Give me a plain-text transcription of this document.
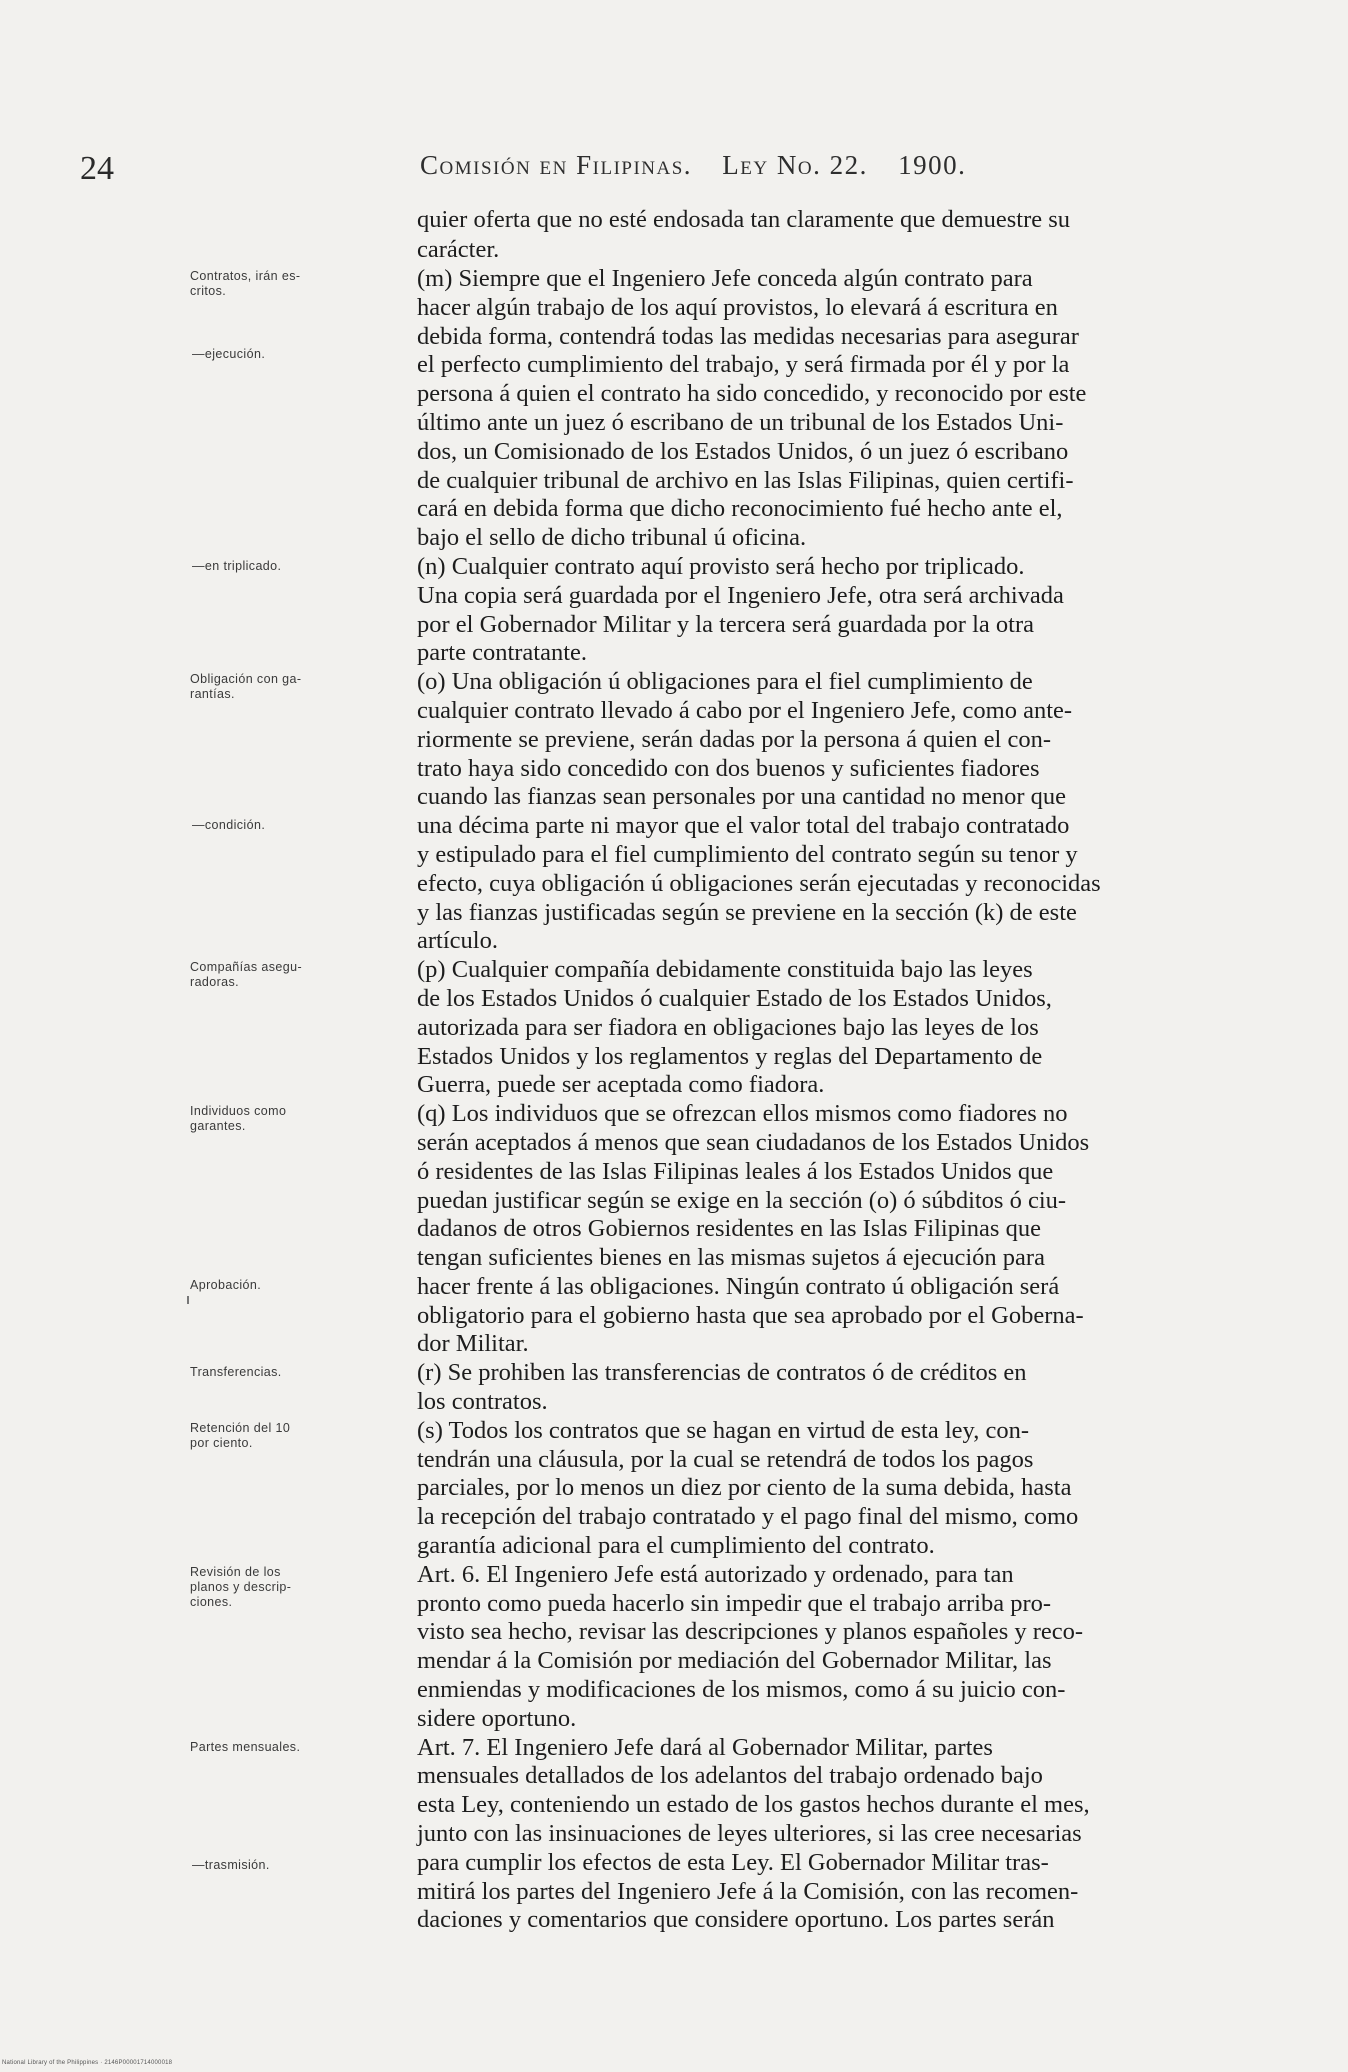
24	Comisión en Filipinas. Ley No. 22. 1900.
quier oferta que no esté endosada tan claramente que demuestre su
carácter.
Contratos, irán es-
critos.
—ejecución.
(m) Siempre que el Ingeniero Jefe conceda algún contrato para
hacer algún trabajo de los aquí provistos, lo elevará á escritura en
debida forma, contendrá todas las medidas necesarias para asegurar
el perfecto cumplimiento del trabajo, y será firmada por él y por la
persona á quien el contrato ha sido concedido, y reconocido por este
último ante un juez ó escribano de un tribunal de los Estados Uni-
dos, un Comisionado de los Estados Unidos, ó un juez ó escribano
de cualquier tribunal de archivo en las Islas Filipinas, quien certifi-
cará en debida forma que dicho reconocimiento fué hecho ante el,
bajo el sello de dicho tribunal ú oficina.
—en triplicado.	(n) Cualquier contrato aquí provisto será hecho por triplicado.
Una copia será guardada por el Ingeniero Jefe, otra será archivada
por el Gobernador Militar y la tercera será guardada por la otra
parte contratante.
Obligación con ga-
rantías.
—condición.
(o) Una obligación ú obligaciones para el fiel cumplimiento de
cualquier contrato llevado á cabo por el Ingeniero Jefe, como ante-
riormente se previene, serán dadas por la persona á quien el con-
trato haya sido concedido con dos buenos y suficientes fiadores
cuando las fianzas sean personales por una cantidad no menor que
una décima parte ni mayor que el valor total del trabajo contratado
y estipulado para el fiel cumplimiento del contrato según su tenor y
efecto, cuya obligación ú obligaciones serán ejecutadas y reconocidas
y las fianzas justificadas según se previene en la sección (k) de este
artículo.
Compañías asegu-
radoras.	(p) Cualquier compañía debidamente constituida bajo las leyes
de los Estados Unidos ó cualquier Estado de los Estados Unidos,
autorizada para ser fiadora en obligaciones bajo las leyes de los
Estados Unidos y los reglamentos y reglas del Departamento de
Guerra, puede ser aceptada como fiadora.
Individuos como
garantes.
Aprobación.
(q) Los individuos que se ofrezcan ellos mismos como fiadores no
serán aceptados á menos que sean ciudadanos de los Estados Unidos
ó residentes de las Islas Filipinas leales á los Estados Unidos que
puedan justificar según se exige en la sección (o) ó súbditos ó ciu-
dadanos de otros Gobiernos residentes en las Islas Filipinas que
tengan suficientes bienes en las mismas sujetos á ejecución para
hacer frente á las obligaciones. Ningún contrato ú obligación será
obligatorio para el gobierno hasta que sea aprobado por el Goberna-
dor Militar.
Transferencias.	(r) Se prohiben las transferencias de contratos ó de créditos en
los contratos.
Retención del 10
por ciento.	(s) Todos los contratos que se hagan en virtud de esta ley, con-
tendrán una cláusula, por la cual se retendrá de todos los pagos
parciales, por lo menos un diez por ciento de la suma debida, hasta
la recepción del trabajo contratado y el pago final del mismo, como
garantía adicional para el cumplimiento del contrato.
Revisión de los
planos y descrip-
ciones.
Art. 6. El Ingeniero Jefe está autorizado y ordenado, para tan
pronto como pueda hacerlo sin impedir que el trabajo arriba pro-
visto sea hecho, revisar las descripciones y planos españoles y reco-
mendar á la Comisión por mediación del Gobernador Militar, las
enmiendas y modificaciones de los mismos, como á su juicio con-
sidere oportuno.
Partes mensuales.
—trasmisión.
Art. 7. El Ingeniero Jefe dará al Gobernador Militar, partes
mensuales detallados de los adelantos del trabajo ordenado bajo
esta Ley, conteniendo un estado de los gastos hechos durante el mes,
junto con las insinuaciones de leyes ulteriores, si las cree necesarias
para cumplir los efectos de esta Ley. El Gobernador Militar tras-
mitirá los partes del Ingeniero Jefe á la Comisión, con las recomen-
daciones y comentarios que considere oportuno. Los partes serán
National Library of the Philippines · 2146P00001714000018
